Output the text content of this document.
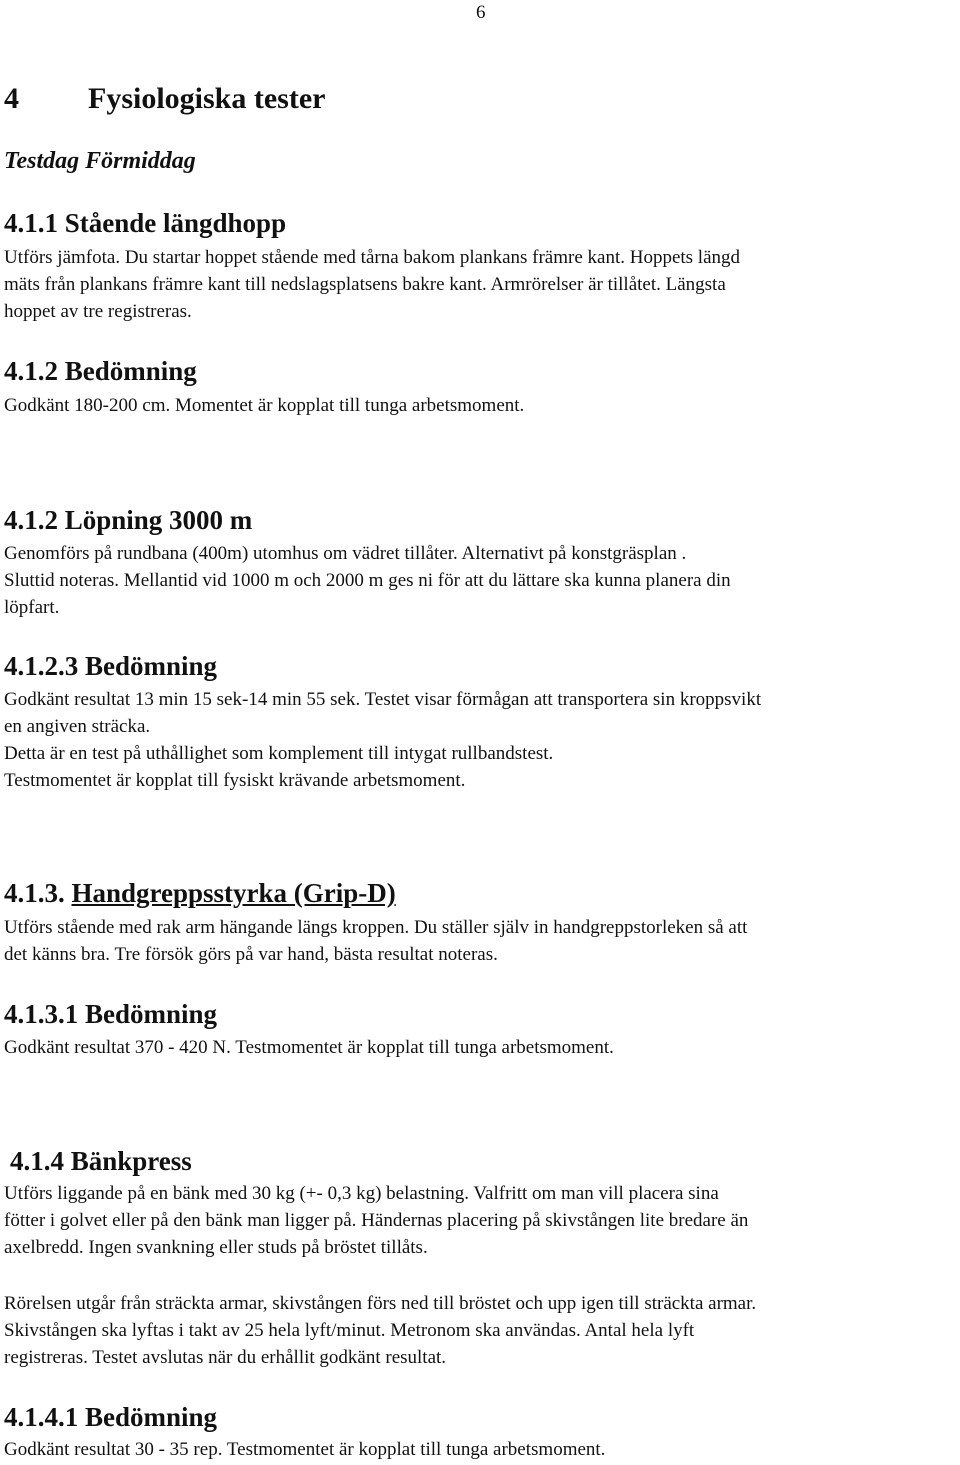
6
4 Fysiologiska tester
Testdag Förmiddag
4.1.1 Stående längdhopp
Utförs jämfota. Du startar hoppet stående med tårna bakom plankans främre kant. Hoppets längd
mäts från plankans främre kant till nedslagsplatsens bakre kant. Armrörelser är tillåtet. Längsta
hoppet av tre registreras.
4.1.2 Bedömning
Godkänt 180-200 cm. Momentet är kopplat till tunga arbetsmoment.
4.1.2 Löpning 3000 m
Genomförs på rundbana (400m) utomhus om vädret tillåter. Alternativt på konstgräsplan .
Sluttid noteras. Mellantid vid 1000 m och 2000 m ges ni för att du lättare ska kunna planera din
löpfart.
4.1.2.3 Bedömning
Godkänt resultat 13 min 15 sek-14 min 55 sek. Testet visar förmågan att transportera sin kroppsvikt
en angiven sträcka.
Detta är en test på uthållighet som komplement till intygat rullbandstest.
Testmomentet är kopplat till fysiskt krävande arbetsmoment.
4.1.3. Handgreppsstyrka (Grip-D)
Utförs stående med rak arm hängande längs kroppen. Du ställer själv in handgreppstorleken så att
det känns bra. Tre försök görs på var hand, bästa resultat noteras.
4.1.3.1 Bedömning
Godkänt resultat 370 - 420 N. Testmomentet är kopplat till tunga arbetsmoment.
4.1.4 Bänkpress
Utförs liggande på en bänk med 30 kg (+- 0,3 kg) belastning. Valfritt om man vill placera sina
fötter i golvet eller på den bänk man ligger på. Händernas placering på skivstången lite bredare än
axelbredd. Ingen svankning eller studs på bröstet tillåts.
Rörelsen utgår från sträckta armar, skivstången förs ned till bröstet och upp igen till sträckta armar.
Skivstången ska lyftas i takt av 25 hela lyft/minut. Metronom ska användas. Antal hela lyft
registreras. Testet avslutas när du erhållit godkänt resultat.
4.1.4.1 Bedömning
Godkänt resultat 30 - 35 rep. Testmomentet är kopplat till tunga arbetsmoment.
